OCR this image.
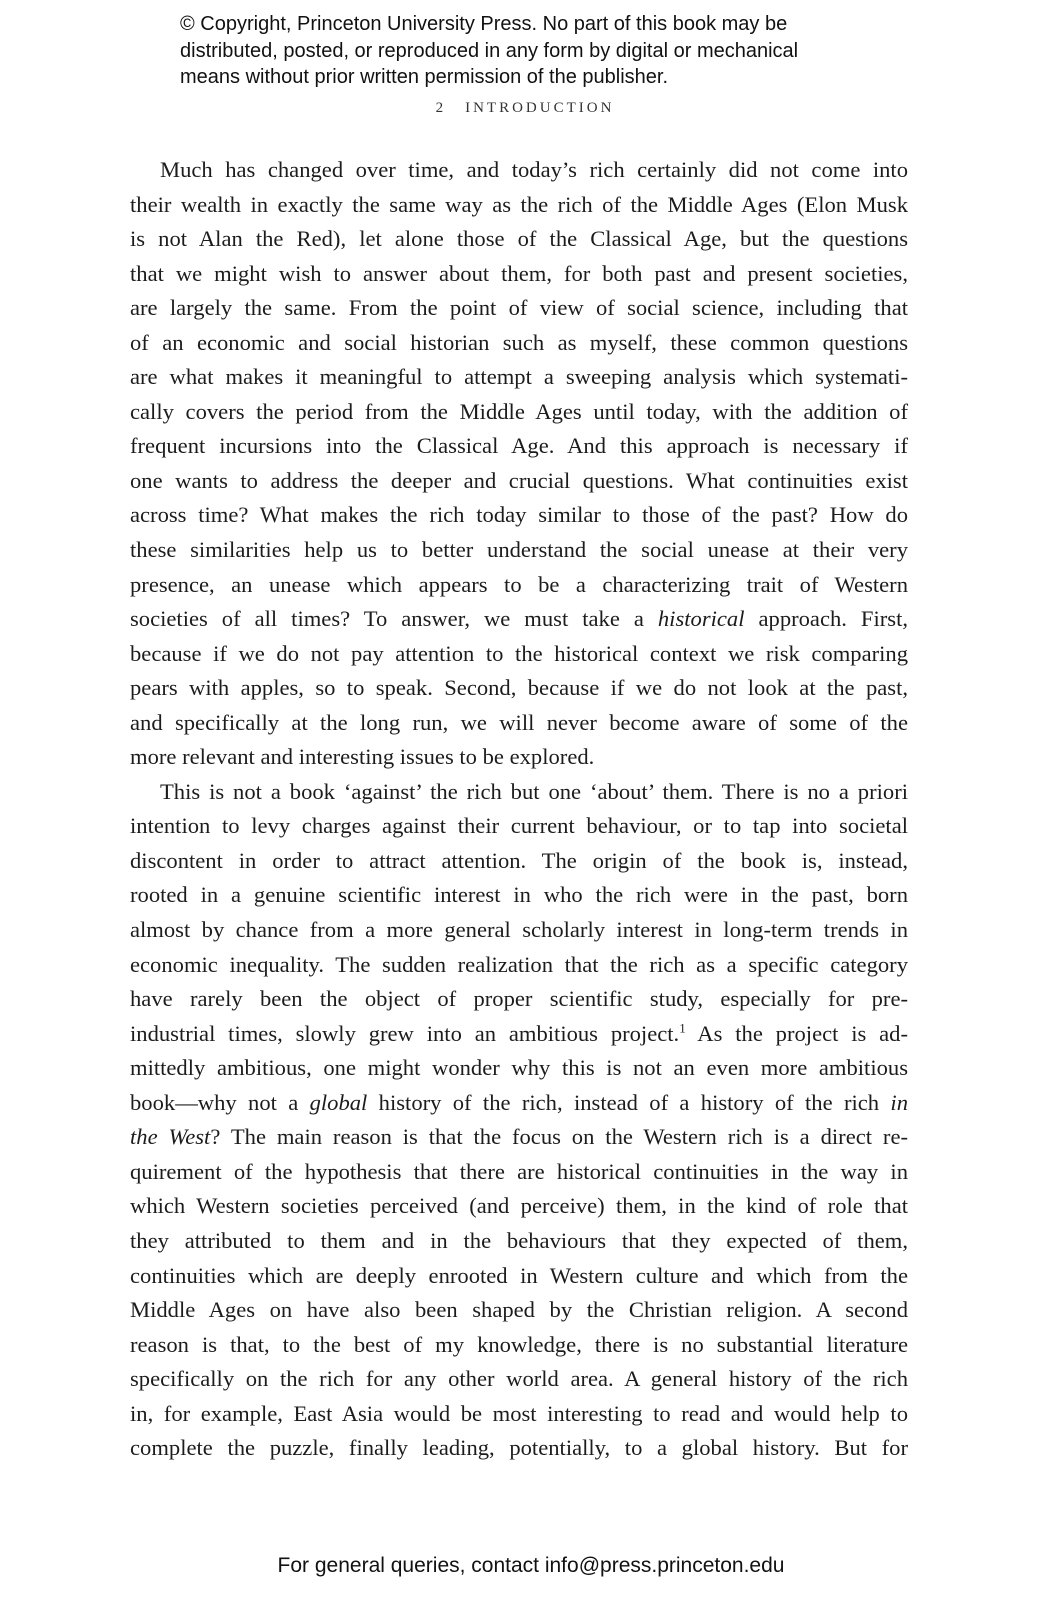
© Copyright, Princeton University Press. No part of this book may be
distributed, posted, or reproduced in any form by digital or mechanical
means without prior written permission of the publisher.
2 INTRODUCTION
Much has changed over time, and today’s rich certainly did not come into
their wealth in exactly the same way as the rich of the Middle Ages (Elon Musk
is not Alan the Red), let alone those of the Classical Age, but the questions
that we might wish to answer about them, for both past and present societies,
are largely the same. From the point of view of social science, including that
of an economic and social historian such as myself, these common questions
are what makes it meaningful to attempt a sweeping analysis which systemati-
cally covers the period from the Middle Ages until today, with the addition of
frequent incursions into the Classical Age. And this approach is necessary if
one wants to address the deeper and crucial questions. What continuities exist
across time? What makes the rich today similar to those of the past? How do
these similarities help us to better understand the social unease at their very
presence, an unease which appears to be a characterizing trait of Western
societies of all times? To answer, we must take a historical approach. First,
because if we do not pay attention to the historical context we risk comparing
pears with apples, so to speak. Second, because if we do not look at the past,
and specifically at the long run, we will never become aware of some of the
more relevant and interesting issues to be explored.
This is not a book ‘against’ the rich but one ‘about’ them. There is no a priori
intention to levy charges against their current behaviour, or to tap into societal
discontent in order to attract attention. The origin of the book is, instead,
rooted in a genuine scientific interest in who the rich were in the past, born
almost by chance from a more general scholarly interest in long-term trends in
economic inequality. The sudden realization that the rich as a specific category
have rarely been the object of proper scientific study, especially for pre-
industrial times, slowly grew into an ambitious project.$^1$ As the project is ad-
mittedly ambitious, one might wonder why this is not an even more ambitious
book—why not a global history of the rich, instead of a history of the rich in
the West? The main reason is that the focus on the Western rich is a direct re-
quirement of the hypothesis that there are historical continuities in the way in
which Western societies perceived (and perceive) them, in the kind of role that
they attributed to them and in the behaviours that they expected of them,
continuities which are deeply enrooted in Western culture and which from the
Middle Ages on have also been shaped by the Christian religion. A second
reason is that, to the best of my knowledge, there is no substantial literature
specifically on the rich for any other world area. A general history of the rich
in, for example, East Asia would be most interesting to read and would help to
complete the puzzle, finally leading, potentially, to a global history. But for
For general queries, contact info@press.princeton.edu
